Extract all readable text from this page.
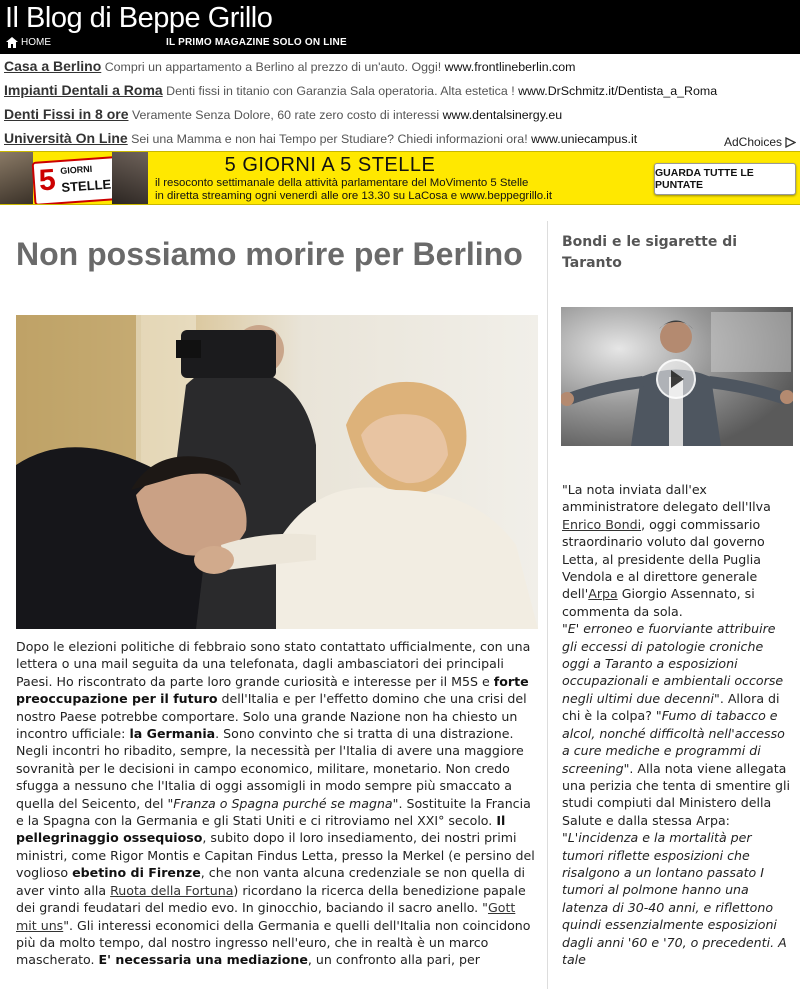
Il Blog di Beppe Grillo
HOME	IL PRIMO MAGAZINE SOLO ON LINE
Casa a Berlino Compri un appartamento a Berlino al prezzo di un'auto. Oggi! www.frontlineberlin.com
Impianti Dentali a Roma Denti fissi in titanio con Garanzia Sala operatoria. Alta estetica ! www.DrSchmitz.it/Dentista_a_Roma
Denti Fissi in 8 ore Veramente Senza Dolore, 60 rate zero costo di interessi www.dentalsinergy.eu
Università On Line Sei una Mamma e non hai Tempo per Studiare? Chiedi informazioni ora! www.uniecampus.it	AdChoices
5 GIORNI
STELLE
5 GIORNI A 5 STELLE
il resoconto settimanale della attività parlamentare del MoVimento 5 Stelle
in diretta streaming ogni venerdì alle ore 13.30 su LaCosa e www.beppegrillo.it
GUARDA TUTTE LE PUNTATE
Non possiamo morire per Berlino

Dopo le elezioni politiche di febbraio sono stato contattato ufficialmente, con una lettera o una mail seguita da una telefonata, dagli ambasciatori dei principali Paesi. Ho riscontrato da parte loro grande curiosità e interesse per il M5S e forte preoccupazione per il futuro dell'Italia e per l'effetto domino che una crisi del nostro Paese potrebbe comportare. Solo una grande Nazione non ha chiesto un incontro ufficiale: la Germania. Sono convinto che si tratta di una distrazione. Negli incontri ho ribadito, sempre, la necessità per l'Italia di avere una maggiore sovranità per le decisioni in campo economico, militare, monetario. Non credo sfugga a nessuno che l'Italia di oggi assomigli in modo sempre più smaccato a quella del Seicento, del "Franza o Spagna purché se magna". Sostituite la Francia e la Spagna con la Germania e gli Stati Uniti e ci ritroviamo nel XXI° secolo. Il pellegrinaggio ossequioso, subito dopo il loro insediamento, dei nostri primi ministri, come Rigor Montis e Capitan Findus Letta, presso la Merkel (e persino del voglioso ebetino di Firenze, che non vanta alcuna credenziale se non quella di aver vinto alla Ruota della Fortuna) ricordano la ricerca della benedizione papale dei grandi feudatari del medio evo. In ginocchio, baciando il sacro anello. "Gott mit uns". Gli interessi economici della Germania e quelli dell'Italia non coincidono più da molto tempo, dal nostro ingresso nell'euro, che in realtà è un marco mascherato. E' necessaria una mediazione, un confronto alla pari, per

Bondi e le sigarette di Taranto

"La nota inviata dall'ex amministratore delegato dell'Ilva Enrico Bondi, oggi commissario straordinario voluto dal governo Letta, al presidente della Puglia Vendola e al direttore generale dell'Arpa Giorgio Assennato, si commenta da sola.

"E' erroneo e fuorviante attribuire gli eccessi di patologie croniche oggi a Taranto a esposizioni occupazionali e ambientali occorse negli ultimi due decenni". Allora di chi è la colpa? "Fumo di tabacco e alcol, nonché difficoltà nell'accesso a cure mediche e programmi di screening". Alla nota viene allegata una perizia che tenta di smentire gli studi compiuti dal Ministero della Salute e dalla stessa Arpa: "L'incidenza e la mortalità per tumori riflette esposizioni che risalgono a un lontano passato I tumori al polmone hanno una latenza di 30-40 anni, e riflettono quindi essenzialmente esposizioni dagli anni '60 e '70, o precedenti. A tale
